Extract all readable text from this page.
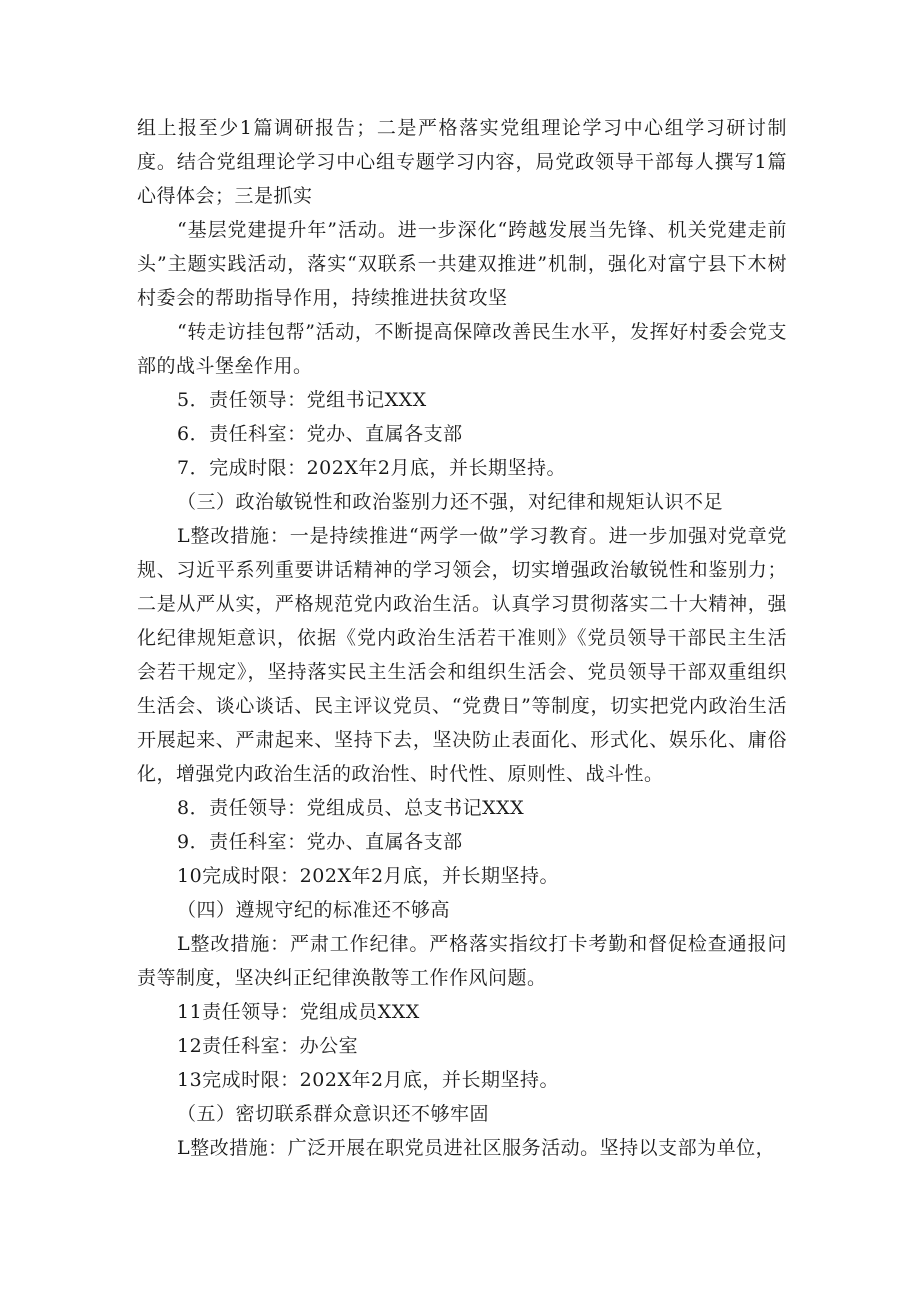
组上报至少1篇调研报告；二是严格落实党组理论学习中心组学习研讨制度。结合党组理论学习中心组专题学习内容，局党政领导干部每人撰写1篇心得体会；三是抓实

“基层党建提升年”活动。进一步深化“跨越发展当先锋、机关党建走前头”主题实践活动，落实“双联系一共建双推进”机制，强化对富宁县下木树村委会的帮助指导作用，持续推进扶贫攻坚

“转走访挂包帮”活动，不断提高保障改善民生水平，发挥好村委会党支部的战斗堡垒作用。

5．责任领导：党组书记XXX

6．责任科室：党办、直属各支部

7．完成时限：202X年2月底，并长期坚持。

（三）政治敏锐性和政治鉴别力还不强，对纪律和规矩认识不足

L整改措施：一是持续推进“两学一做”学习教育。进一步加强对党章党规、习近平系列重要讲话精神的学习领会，切实增强政治敏锐性和鉴别力；二是从严从实，严格规范党内政治生活。认真学习贯彻落实二十大精神，强化纪律规矩意识，依据《党内政治生活若干准则》《党员领导干部民主生活会若干规定》，坚持落实民主生活会和组织生活会、党员领导干部双重组织生活会、谈心谈话、民主评议党员、“党费日”等制度，切实把党内政治生活开展起来、严肃起来、坚持下去，坚决防止表面化、形式化、娱乐化、庸俗化，增强党内政治生活的政治性、时代性、原则性、战斗性。

8．责任领导：党组成员、总支书记XXX

9．责任科室：党办、直属各支部

10完成时限：202X年2月底，并长期坚持。

（四）遵规守纪的标准还不够高

L整改措施：严肃工作纪律。严格落实指纹打卡考勤和督促检查通报问责等制度，坚决纠正纪律涣散等工作作风问题。

11责任领导：党组成员XXX

12责任科室：办公室

13完成时限：202X年2月底，并长期坚持。

（五）密切联系群众意识还不够牢固

L整改措施：广泛开展在职党员进社区服务活动。坚持以支部为单位，
